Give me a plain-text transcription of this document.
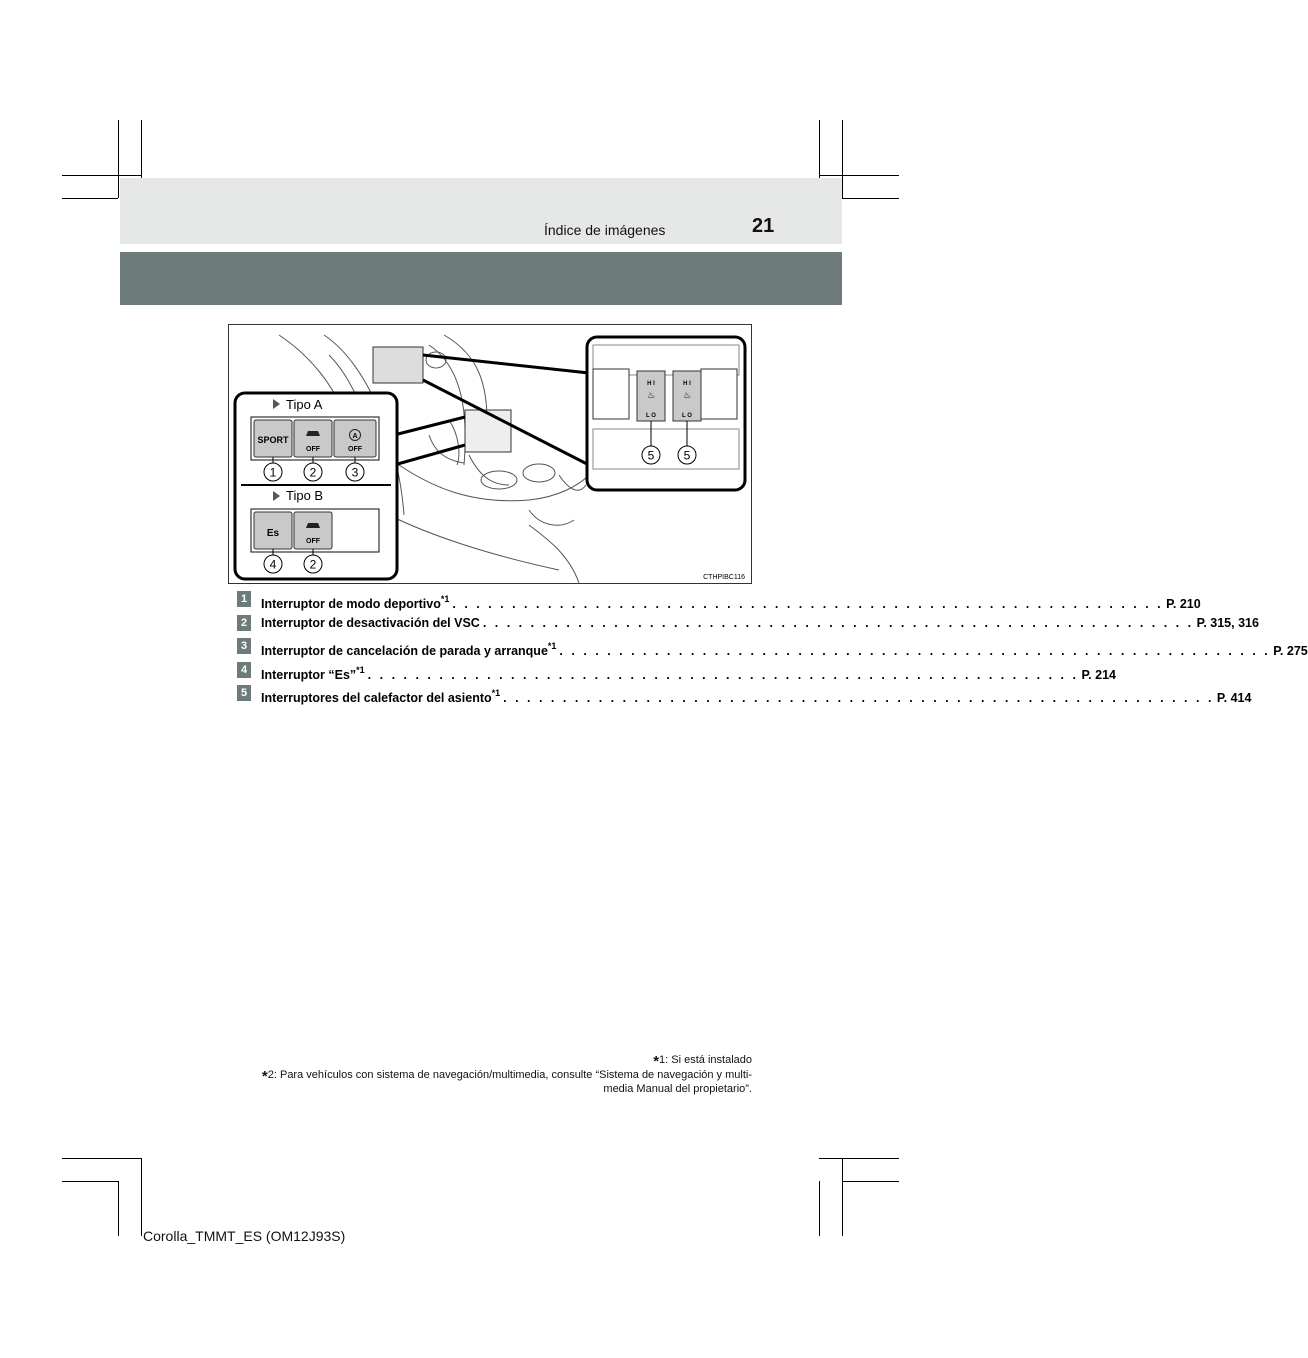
Índice de imágenes	21
Tipo A
SPORT
OFF
A
OFF
1	2	3
Tipo B
Es
OFF
4	2
H I
♨
L O
H I
♨
L O
5 5
CTHPIBC116
1	Interruptor de modo deportivo$^{*1}$ . . . . . . . . . . . . . . . . . . . . . . . . . . . . . . . . . . . . . . . . . . . . . . . . . . . . . . . . . . . . P. 210
2	Interruptor de desactivación del VSC . . . . . . . . . . . . . . . . . . . . . . . . . . . . . . . . . . . . . . . . . . . . . . . . . . . . . . . . . . . . P. 315, 316
3	Interruptor de cancelación de parada y arranque$^{*1}$ . . . . . . . . . . . . . . . . . . . . . . . . . . . . . . . . . . . . . . . . . . . . . . . . . . . . . . . . . . . . P. 275
4	Interruptor “Es”$^{*1}$ . . . . . . . . . . . . . . . . . . . . . . . . . . . . . . . . . . . . . . . . . . . . . . . . . . . . . . . . . . . . P. 214
5	Interruptores del calefactor del asiento$^{*1}$ . . . . . . . . . . . . . . . . . . . . . . . . . . . . . . . . . . . . . . . . . . . . . . . . . . . . . . . . . . . . P. 414
*1: Si está instalado
*2: Para vehículos con sistema de navegación/multimedia, consulte “Sistema de navegación y multi-
media Manual del propietario”.
Corolla_TMMT_ES (OM12J93S)
